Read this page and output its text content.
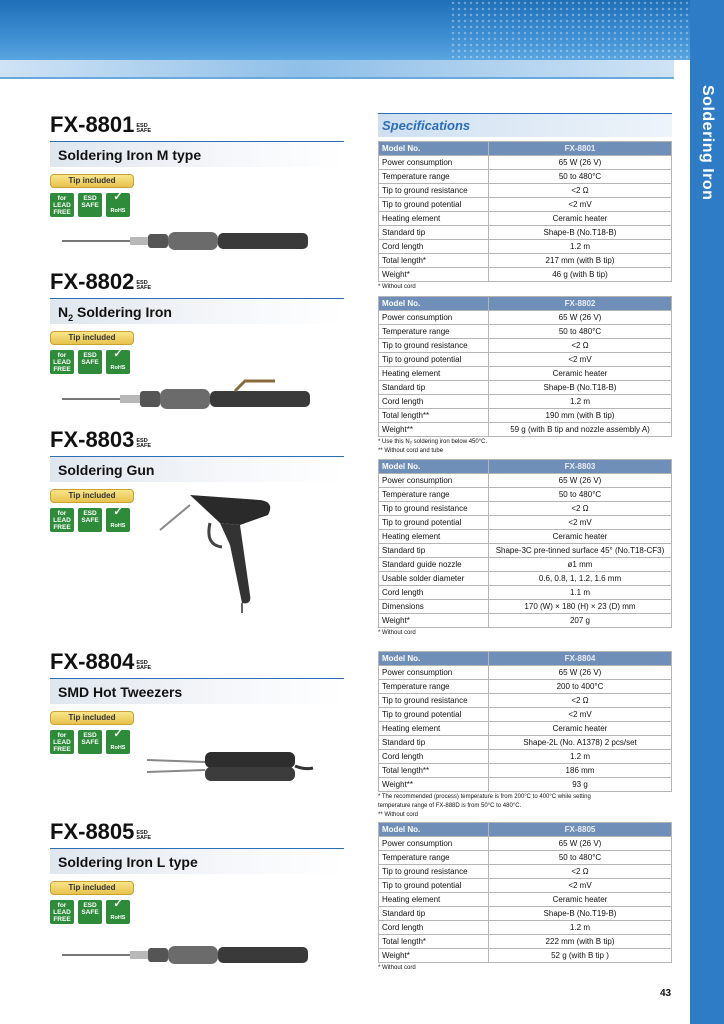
Soldering Iron
FX-8801 ESD SAFE
Soldering Iron M type
Tip included
for LEAD FREE
ESD SAFE
✓ RoHS
FX-8802 ESD SAFE
$N_2$ Soldering Iron
Tip included
for LEAD FREE
ESD SAFE
✓ RoHS
FX-8803 ESD SAFE
Soldering Gun
Tip included
for LEAD FREE
ESD SAFE
✓ RoHS
FX-8804 ESD SAFE
SMD Hot Tweezers
Tip included
for LEAD FREE
ESD SAFE
✓ RoHS
FX-8805 ESD SAFE
Soldering Iron L type
Tip included
for LEAD FREE
ESD SAFE
✓ RoHS
Specifications
Model No.	FX-8801
Power consumption	65 W (26 V)
Temperature range	50 to 480°C
Tip to ground resistance	<2 Ω
Tip to ground potential	<2 mV
Heating element	Ceramic heater
Standard tip	Shape-B (No.T18-B)
Cord length	1.2 m
Total length*	217 mm (with B tip)
Weight*	46 g (with B tip)
* Without cord
Model No.	FX-8802
Power consumption	65 W (26 V)
Temperature range	50 to 480°C
Tip to ground resistance	<2 Ω
Tip to ground potential	<2 mV
Heating element	Ceramic heater
Standard tip	Shape-B (No.T18-B)
Cord length	1.2 m
Total length**	190 mm (with B tip)
Weight**	59 g (with B tip and nozzle assembly A)
* Use this N₂ soldering iron below 450°C.
** Without cord and tube
Model No.	FX-8803
Power consumption	65 W (26 V)
Temperature range	50 to 480°C
Tip to ground resistance	<2 Ω
Tip to ground potential	<2 mV
Heating element	Ceramic heater
Standard tip	Shape-3C pre-tinned surface 45° (No.T18-CF3)
Standard guide nozzle	ø1 mm
Usable solder diameter	0.6, 0.8, 1, 1.2, 1.6 mm
Cord length	1.1 m
Dimensions	170 (W) × 180 (H) × 23 (D) mm
Weight*	207 g
* Without cord
Model No.	FX-8804
Power consumption	65 W (26 V)
Temperature range	200 to 400°C
Tip to ground resistance	<2 Ω
Tip to ground potential	<2 mV
Heating element	Ceramic heater
Standard tip	Shape-2L (No. A1378) 2 pcs/set
Cord length	1.2 m
Total length**	186 mm
Weight**	93 g
* The recommended (process) temperature is from 200°C to 400°C while setting
temperature range of FX-888D is from 50°C to 480°C.
** Without cord
Model No.	FX-8805
Power consumption	65 W (26 V)
Temperature range	50 to 480°C
Tip to ground resistance	<2 Ω
Tip to ground potential	<2 mV
Heating element	Ceramic heater
Standard tip	Shape-B (No.T19-B)
Cord length	1.2 m
Total length*	222 mm (with B tip)
Weight*	52 g (with B tip )
* Without cord
43
